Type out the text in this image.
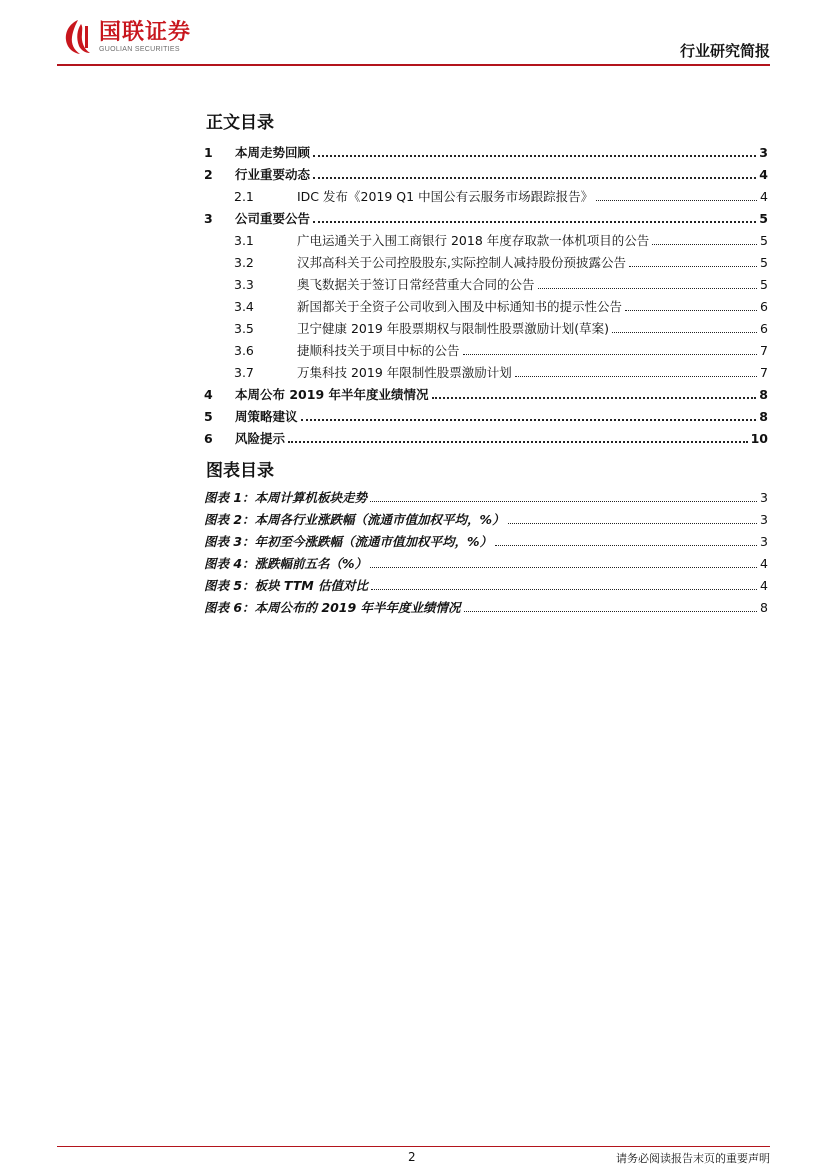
国联证券
GUOLIAN SECURITIES	行业研究简报
正文目录
1	本周走势回顾	3
2	行业重要动态	4
2.1	IDC 发布《2019 Q1 中国公有云服务市场跟踪报告》	4
3	公司重要公告	5
3.1	广电运通关于入围工商银行 2018 年度存取款一体机项目的公告	5
3.2	汉邦高科关于公司控股股东,实际控制人减持股份预披露公告	5
3.3	奥飞数据关于签订日常经营重大合同的公告	5
3.4	新国都关于全资子公司收到入围及中标通知书的提示性公告	6
3.5	卫宁健康 2019 年股票期权与限制性股票激励计划(草案)	6
3.6	捷顺科技关于项目中标的公告	7
3.7	万集科技 2019 年限制性股票激励计划	7
4	本周公布 2019 年半年度业绩情况	8
5	周策略建议	8
6	风险提示	10
图表目录
图表 1：本周计算机板块走势	3
图表 2：本周各行业涨跌幅（流通市值加权平均，%）	3
图表 3：年初至今涨跌幅（流通市值加权平均，%）	3
图表 4：涨跌幅前五名（%）	4
图表 5：板块 TTM 估值对比	4
图表 6：本周公布的 2019 年半年度业绩情况	8
2	请务必阅读报告末页的重要声明
